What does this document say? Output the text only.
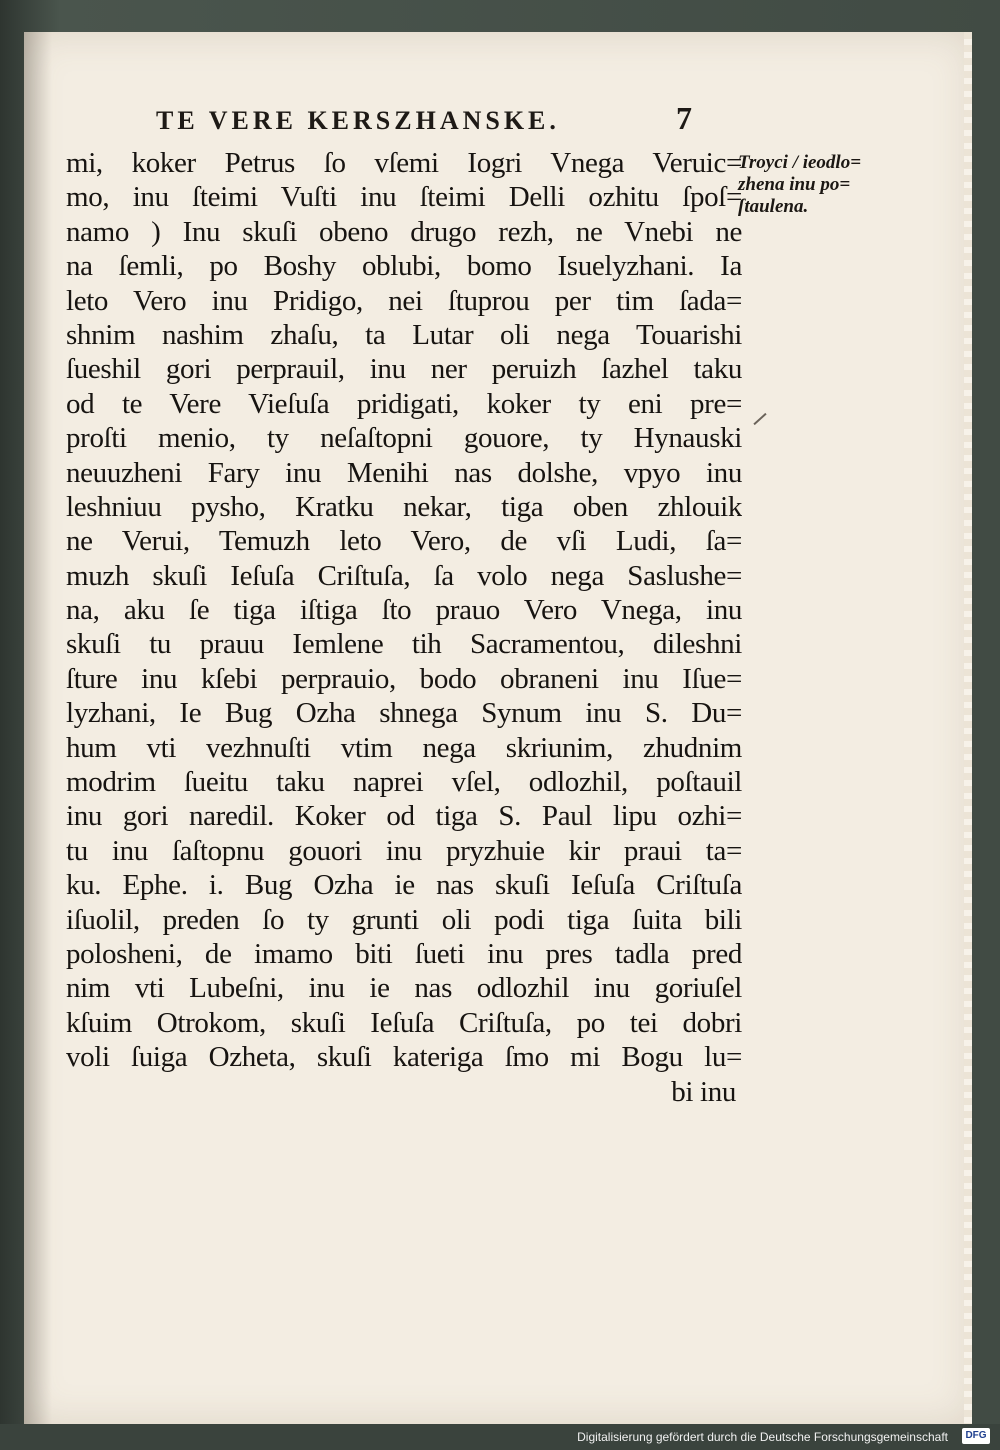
TE VERE KERSZHANSKE.	7
mi, koker Petrus ſo vſemi Iogri Vnega Veruic=
mo, inu ſteimi Vuſti inu ſteimi Delli ozhitu ſpoſ=
namo ) Inu skuſi obeno drugo rezh, ne Vnebi ne
na ſemli, po Boshy oblubi, bomo Isuelyzhani. Ia
leto Vero inu Pridigo, nei ſtuprou per tim ſada=
shnim nashim zhaſu, ta Lutar oli nega Touarishi
ſueshil gori perprauil, inu ner peruizh ſazhel taku
od te Vere Vieſuſa pridigati, koker ty eni pre=
proſti menio, ty neſaſtopni gouore, ty Hynauski
neuuzheni Fary inu Menihi nas dolshe, vpyo inu
leshniuu pysho, Kratku nekar, tiga oben zhlouik
ne Verui, Temuzh leto Vero, de vſi Ludi, ſa=
muzh skuſi Ieſuſa Criſtuſa, ſa volo nega Saslushe=
na, aku ſe tiga iſtiga ſto prauo Vero Vnega, inu
skuſi tu prauu Iemlene tih Sacramentou, dileshni
ſture inu kſebi perprauio, bodo obraneni inu Iſue=
lyzhani, Ie Bug Ozha shnega Synum inu S. Du=
hum vti vezhnuſti vtim nega skriunim, zhudnim
modrim ſueitu taku naprei vſel, odlozhil, poſtauil
inu gori naredil. Koker od tiga S. Paul lipu ozhi=
tu inu ſaſtopnu gouori inu pryzhuie kir praui ta=
ku. Ephe. i. Bug Ozha ie nas skuſi Ieſuſa Criſtuſa
iſuolil, preden ſo ty grunti oli podi tiga ſuita bili
polosheni, de imamo biti ſueti inu pres tadla pred
nim vti Lubeſni, inu ie nas odlozhil inu goriuſel
kſuim Otrokom, skuſi Ieſuſa Criſtuſa, po tei dobri
voli ſuiga Ozheta, skuſi kateriga ſmo mi Bogu lu=
bi inu
Troyci / ieodlo=
zhena inu po=
ſtaulena.
Digitalisierung gefördert durch die Deutsche Forschungsgemeinschaft	DFG
